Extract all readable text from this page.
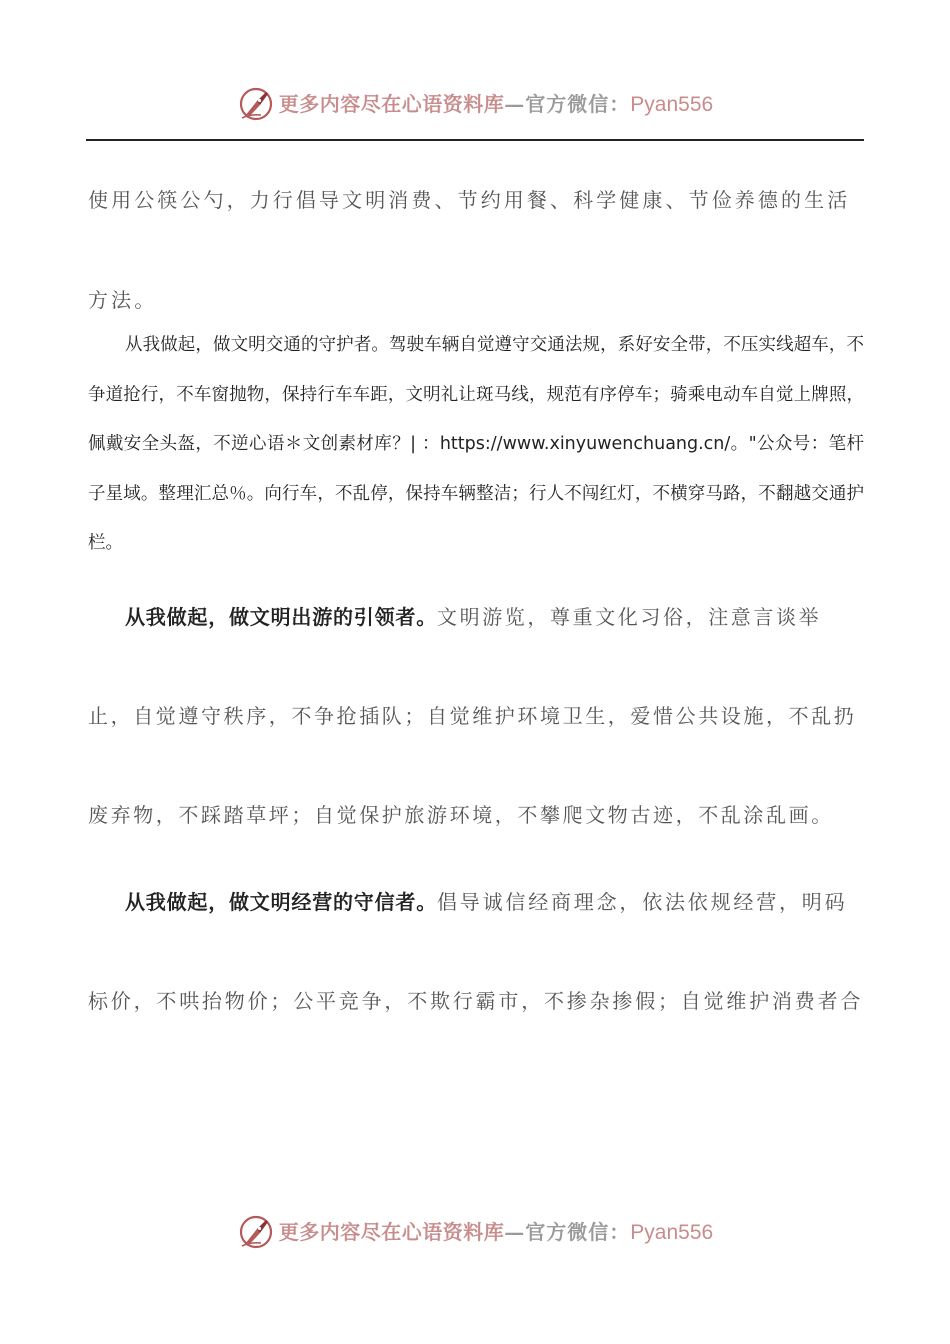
更多内容尽在心语资料库—官方微信：Pyan556
使用公筷公勺，力行倡导文明消费、节约用餐、科学健康、节俭养德的生活方法。
从我做起，做文明交通的守护者。驾驶车辆自觉遵守交通法规，系好安全带，不压实线超车，不争道抢行，不车窗抛物，保持行车车距，文明礼让斑马线，规范有序停车；骑乘电动车自觉上牌照，佩戴安全头盔，不逆心语＊文创素材库？| ：https://www.xinyuwenchuang.cn/。"公众号：笔杆子星域。整理汇总％。向行车，不乱停，保持车辆整洁；行人不闯红灯，不横穿马路，不翻越交通护栏。
从我做起，做文明出游的引领者。文明游览，尊重文化习俗，注意言谈举止，自觉遵守秩序，不争抢插队；自觉维护环境卫生，爱惜公共设施，不乱扔废弃物，不踩踏草坪；自觉保护旅游环境，不攀爬文物古迹，不乱涂乱画。
从我做起，做文明经营的守信者。倡导诚信经商理念，依法依规经营，明码标价，不哄抬物价；公平竞争，不欺行霸市，不掺杂掺假；自觉维护消费者合
更多内容尽在心语资料库—官方微信：Pyan556
